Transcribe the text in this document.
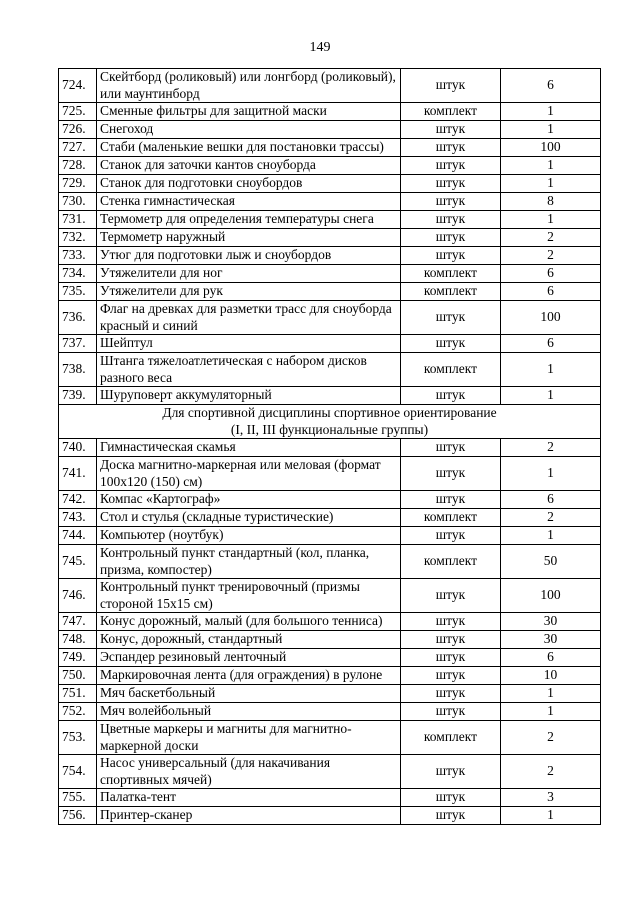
149
724.	Скейтборд (роликовый) или лонгборд (роликовый), или маунтинборд	штук	6
725.	Сменные фильтры для защитной маски	комплект	1
726.	Снегоход	штук	1
727.	Стаби (маленькие вешки для постановки трассы)	штук	100
728.	Станок для заточки кантов сноуборда	штук	1
729.	Станок для подготовки сноубордов	штук	1
730.	Стенка гимнастическая	штук	8
731.	Термометр для определения температуры снега	штук	1
732.	Термометр наружный	штук	2
733.	Утюг для подготовки лыж и сноубордов	штук	2
734.	Утяжелители для ног	комплект	6
735.	Утяжелители для рук	комплект	6
736.	Флаг на древках для разметки трасс для сноуборда красный и синий	штук	100
737.	Шейптул	штук	6
738.	Штанга тяжелоатлетическая с набором дисков разного веса	комплект	1
739.	Шуруповерт аккумуляторный	штук	1

Для спортивной дисциплины спортивное ориентирование
(I, II, III функциональные группы)			

740.	Гимнастическая скамья	штук	2
741.	Доска магнитно-маркерная или меловая (формат 100х120 (150) см)	штук	1
742.	Компас «Картограф»	штук	6
743.	Стол и стулья (складные туристические)	комплект	2
744.	Компьютер (ноутбук)	штук	1
745.	Контрольный пункт стандартный (кол, планка, призма, компостер)	комплект	50
746.	Контрольный пункт тренировочный (призмы стороной 15х15 см)	штук	100
747.	Конус дорожный, малый (для большого тенниса)	штук	30
748.	Конус, дорожный, стандартный	штук	30
749.	Эспандер резиновый ленточный	штук	6
750.	Маркировочная лента (для ограждения) в рулоне	штук	10
751.	Мяч баскетбольный	штук	1
752.	Мяч волейбольный	штук	1
753.	Цветные маркеры и магниты для магнитно-маркерной доски	комплект	2
754.	Насос универсальный (для накачивания спортивных мячей)	штук	2
755.	Палатка-тент	штук	3
756.	Принтер-сканер	штук	1
